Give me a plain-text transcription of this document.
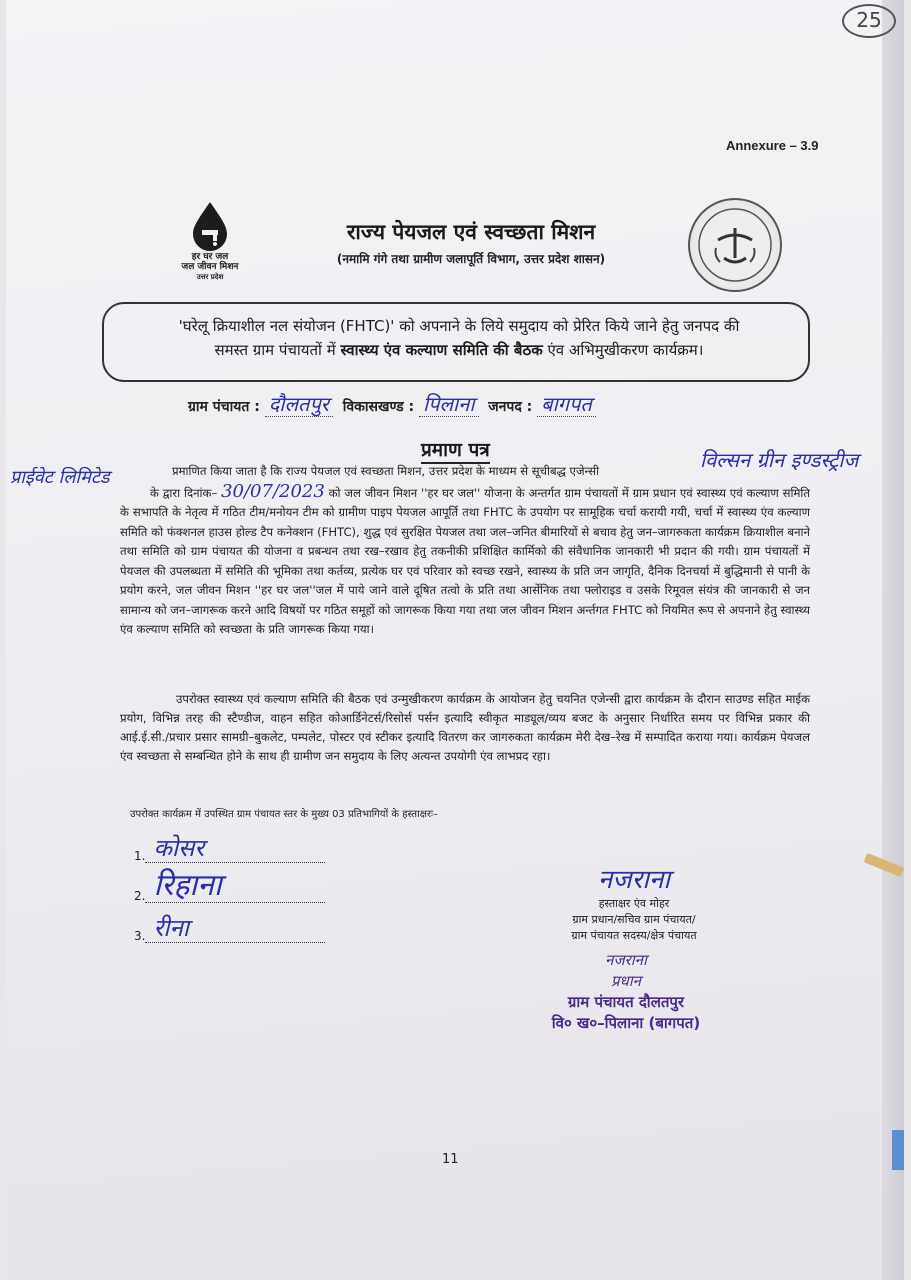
25
Annexure – 3.9
हर घर जल
जल जीवन मिशन
उत्तर प्रदेश
राज्य पेयजल एवं स्वच्छता मिशन
(नमामि गंगे तथा ग्रामीण जलापूर्ति विभाग, उत्तर प्रदेश शासन)

'घरेलू क्रियाशील नल संयोजन (FHTC)' को अपनाने के लिये समुदाय को प्रेरित किये जाने हेतु जनपद की
समस्त ग्राम पंचायतों में स्वास्थ्य एंव कल्याण समिति की बैठक एंव अभिमुखीकरण कार्यक्रम।

ग्राम पंचायत : दौलतपुर विकासखण्ड : पिलाना जनपद : बागपत
प्रमाण पत्र	विल्सन ग्रीन इण्डस्ट्रीज
प्राईवेट लिमिटेड	प्रमाणित किया जाता है कि राज्य पेयजल एवं स्वच्छता मिशन, उत्तर प्रदेश के माध्यम से सूचीबद्ध एजेन्सी
के द्वारा दिनांक– 30/07/2023 को जल जीवन मिशन ''हर घर जल'' योजना के अन्तर्गत ग्राम पंचायतों में ग्राम प्रधान एवं स्वास्थ्य एवं कल्याण समिति के सभापति के नेतृत्व में गठित टीम/मनोयन टीम को ग्रामीण पाइप पेयजल आपूर्ति तथा FHTC के उपयोग पर सामूहिक चर्चा करायी गयी, चर्चा में स्वास्थ्य एंव कल्याण समिति को फंक्शनल हाउस होल्ड टैप कनेक्शन (FHTC), शुद्ध एवं सुरक्षित पेयजल तथा जल–जनित बीमारियों से बचाव हेतु जन–जागरुकता कार्यक्रम क्रियाशील बनाने तथा समिति को ग्राम पंचायत की योजना व प्रबन्धन तथा रख–रखाव हेतु तकनीकी प्रशिक्षित कार्मिको की संवैधानिक जानकारी भी प्रदान की गयी। ग्राम पंचायतों में पेयजल की उपलब्धता में समिति की भूमिका तथा कर्तव्य, प्रत्येक घर एवं परिवार को स्वच्छ रखने, स्वास्थ्य के प्रति जन जागृति, दैनिक दिनचर्या में बुद्धिमानी से पानी के प्रयोग करने, जल जीवन मिशन ''हर घर जल''जल में पाये जाने वाले दूषित तत्वो के प्रति तथा आर्सेनिक तथा फ्लोराइड व उसके रिमूवल संयंत्र की जानकारी से जन सामान्य को जन–जागरूक करने आदि विषयों पर गठित समूहों को जागरूक किया गया तथा जल जीवन मिशन अर्न्तगत FHTC को नियमित रूप से अपनाने हेतु स्वास्थ्य एंव कल्याण समिति को स्वच्छता के प्रति जागरूक किया गया।
उपरोक्त स्वास्थ्य एवं कल्याण समिति की बैठक एवं उन्मुखीकरण कार्यक्रम के आयोजन हेतु चयनित एजेन्सी द्वारा कार्यक्रम के दौरान साउण्ड सहित माईक प्रयोग, विभिन्न तरह की स्टैण्डीज, वाहन सहित कोआर्डिनेटर्स/रिसोर्स पर्सन इत्यादि स्वीकृत माड्यूल/व्यय बजट के अनुसार निर्धारित समय पर विभिन्न प्रकार की आई.ई.सी./प्रचार प्रसार सामग्री–बुकलेट, पम्पलेट, पोस्टर एवं स्टीकर इत्यादि वितरण कर जागरुकता कार्यक्रम मेरी देख–रेख में सम्पादित कराया गया। कार्यक्रम पेयजल एंव स्वच्छता से सम्बन्धित होने के साथ ही ग्रामीण जन समुदाय के लिए अत्यन्त उपयोगी एंव लाभप्रद रहा।
उपरोक्त कार्यक्रम में उपस्थित ग्राम पंचायत स्तर के मुख्य 03 प्रतिभागियों के हस्ताक्षरः–
1. कोसर
2. रिहाना
3. रीना
नजराना
हस्ताक्षर एंव मोहर
ग्राम प्रधान/सचिव ग्राम पंचायत/
ग्राम पंचायत सदस्य/क्षेत्र पंचायत
नजराना
प्रधान
ग्राम पंचायत दौलतपुर
वि० ख०–पिलाना (बागपत)
11
